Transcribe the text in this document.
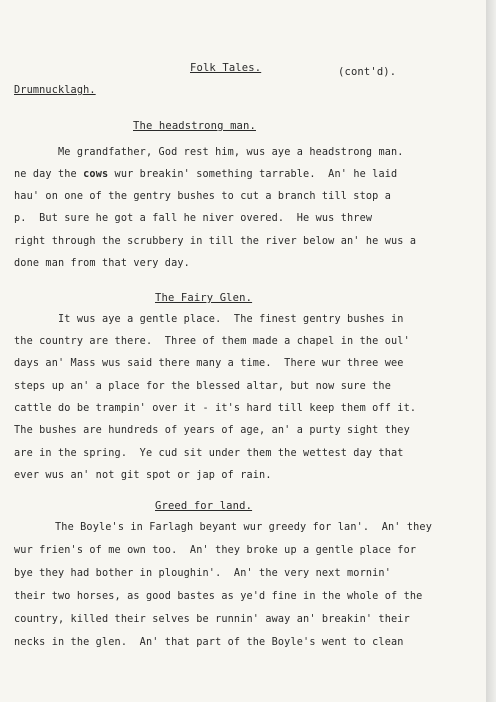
Folk Tales.	(cont'd).
Drumnucklagh.
The headstrong man.
Me grandfather, God rest him, wus aye a headstrong man.
ne day the cows wur breakin' something tarrable.  An' he laid
hau' on one of the gentry bushes to cut a branch till stop a
p.  But sure he got a fall he niver overed.  He wus threw
right through the scrubbery in till the river below an' he wus a
done man from that very day.
The Fairy Glen.
It wus aye a gentle place.  The finest gentry bushes in
the country are there.  Three of them made a chapel in the oul'
days an' Mass wus said there many a time.  There wur three wee
steps up an' a place for the blessed altar, but now sure the
cattle do be trampin' over it - it's hard till keep them off it.
The bushes are hundreds of years of age, an' a purty sight they
are in the spring.  Ye cud sit under them the wettest day that
ever wus an' not git spot or jap of rain.
Greed for land.
The Boyle's in Farlagh beyant wur greedy for lan'.  An' they
wur frien's of me own too.  An' they broke up a gentle place for
bye they had bother in ploughin'.  An' the very next mornin'
their two horses, as good bastes as ye'd fine in the whole of the
country, killed their selves be runnin' away an' breakin' their
necks in the glen.  An' that part of the Boyle's went to clean
